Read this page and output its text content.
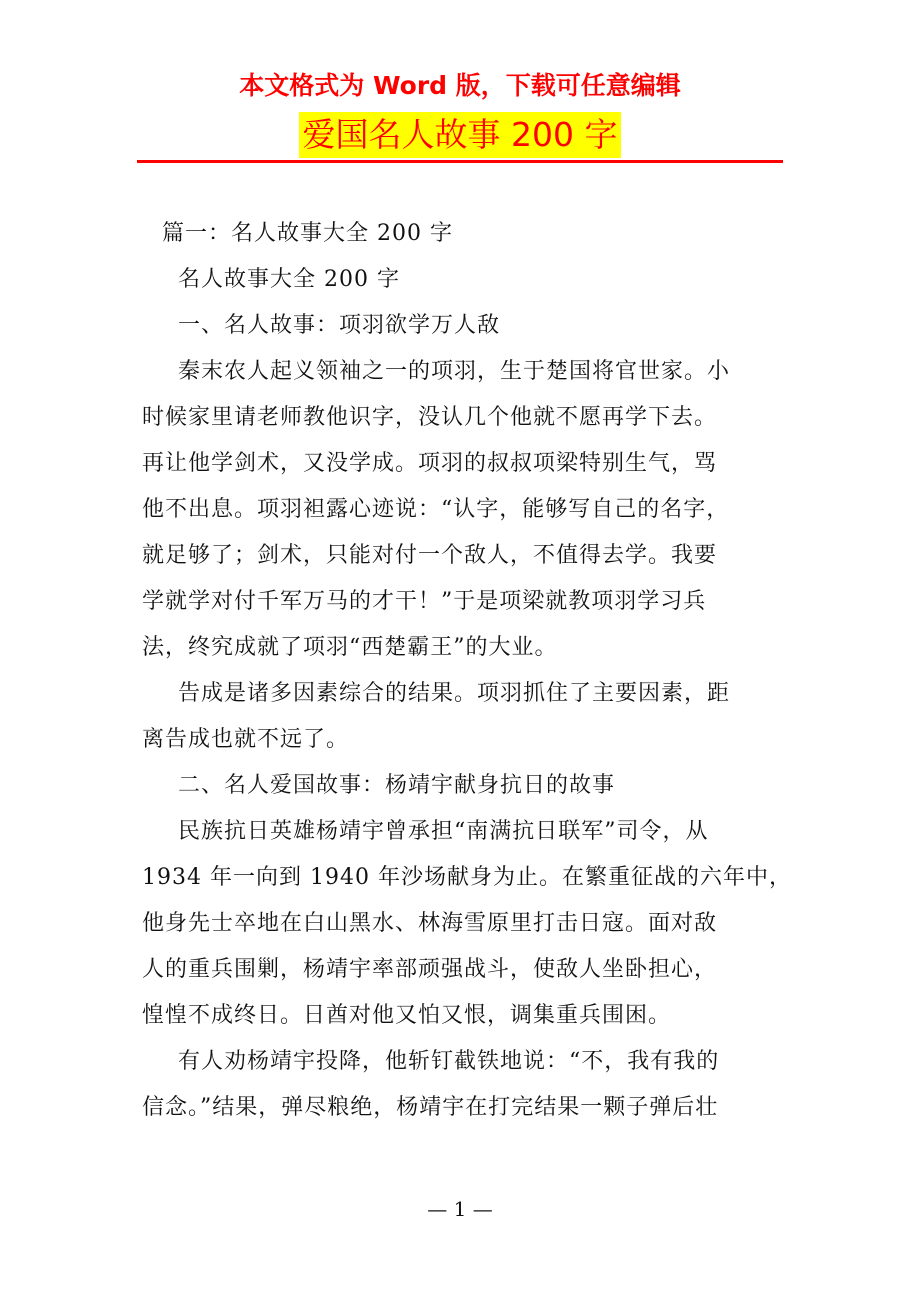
本文格式为 Word 版，下载可任意编辑
爱国名人故事 200 字
篇一：名人故事大全 200 字
名人故事大全 200 字
一、名人故事：项羽欲学万人敌
秦末农人起义领袖之一的项羽，生于楚国将官世家。小
时候家里请老师教他识字，没认几个他就不愿再学下去。
再让他学剑术，又没学成。项羽的叔叔项梁特别生气，骂
他不出息。项羽袒露心迹说：“认字，能够写自己的名字，
就足够了；剑术，只能对付一个敌人，不值得去学。我要
学就学对付千军万马的才干！”于是项梁就教项羽学习兵
法，终究成就了项羽“西楚霸王”的大业。
告成是诸多因素综合的结果。项羽抓住了主要因素，距
离告成也就不远了。
二、名人爱国故事：杨靖宇献身抗日的故事
民族抗日英雄杨靖宇曾承担“南满抗日联军”司令，从
1934 年一向到 1940 年沙场献身为止。在繁重征战的六年中，
他身先士卒地在白山黑水、林海雪原里打击日寇。面对敌
人的重兵围剿，杨靖宇率部顽强战斗，使敌人坐卧担心，
惶惶不成终日。日酋对他又怕又恨，调集重兵围困。
有人劝杨靖宇投降，他斩钉截铁地说：“不，我有我的
信念。”结果，弹尽粮绝，杨靖宇在打完结果一颗子弹后壮
— 1 —
